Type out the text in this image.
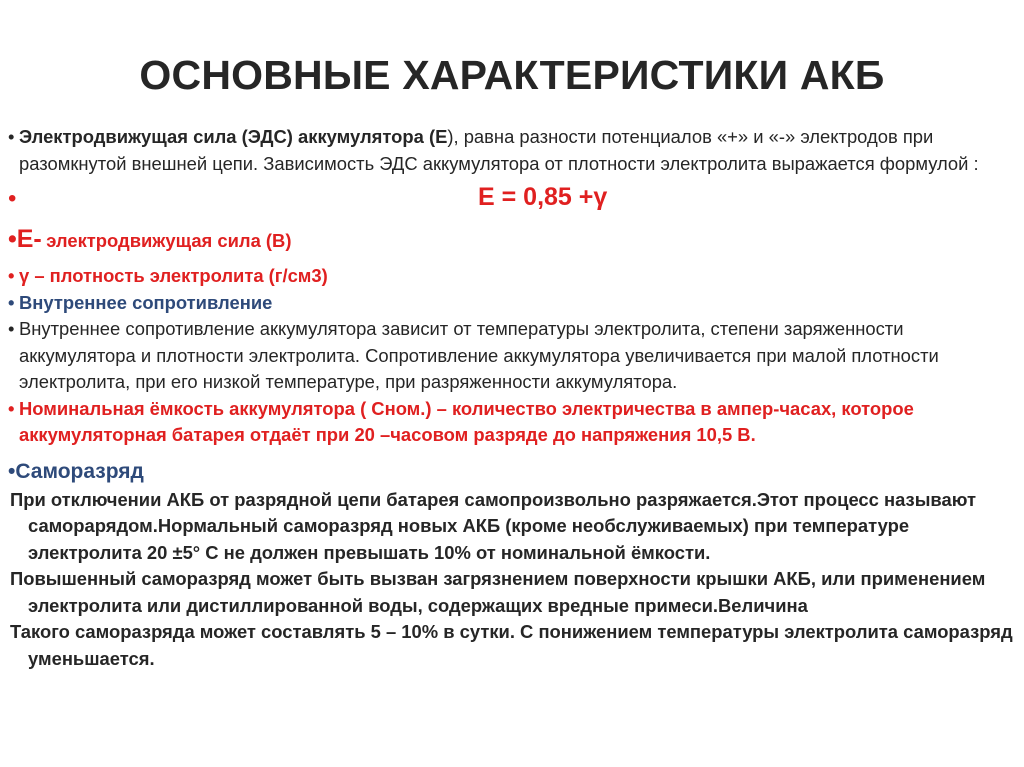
ОСНОВНЫЕ ХАРАКТЕРИСТИКИ АКБ

• Электродвижущая сила (ЭДС) аккумулятора (Е), равна разности потенциалов «+» и «-» электродов при разомкнутой внешней цепи. Зависимость ЭДС аккумулятора от плотности электролита выражается формулой :

•	Е = 0,85 +γ
•Е- электродвижущая сила (В)

• γ – плотность электролита (г/см3)

• Внутреннее сопротивление

• Внутреннее сопротивление аккумулятора зависит от температуры электролита, степени заряженности аккумулятора и плотности электролита. Сопротивление аккумулятора увеличивается при малой плотности электролита, при его низкой температуре, при разряженности аккумулятора.

• Номинальная ёмкость аккумулятора ( Сном.) – количество электричества в ампер-часах, которое аккумуляторная батарея отдаёт при 20 –часовом разряде до напряжения 10,5 В.

•Саморазряд

При отключении АКБ от разрядной цепи батарея самопроизвольно разряжается.Этот процесс называют саморарядом.Нормальный саморазряд новых АКБ (кроме необслуживаемых) при температуре электролита 20 ±5° С не должен превышать 10% от номинальной ёмкости.

Повышенный саморазряд может быть вызван загрязнением поверхности крышки АКБ, или применением электролита или дистиллированной воды, содержащих вредные примеси.Величина

Такого саморазряда может составлять 5 – 10% в сутки. С понижением температуры электролита саморазряд уменьшается.
